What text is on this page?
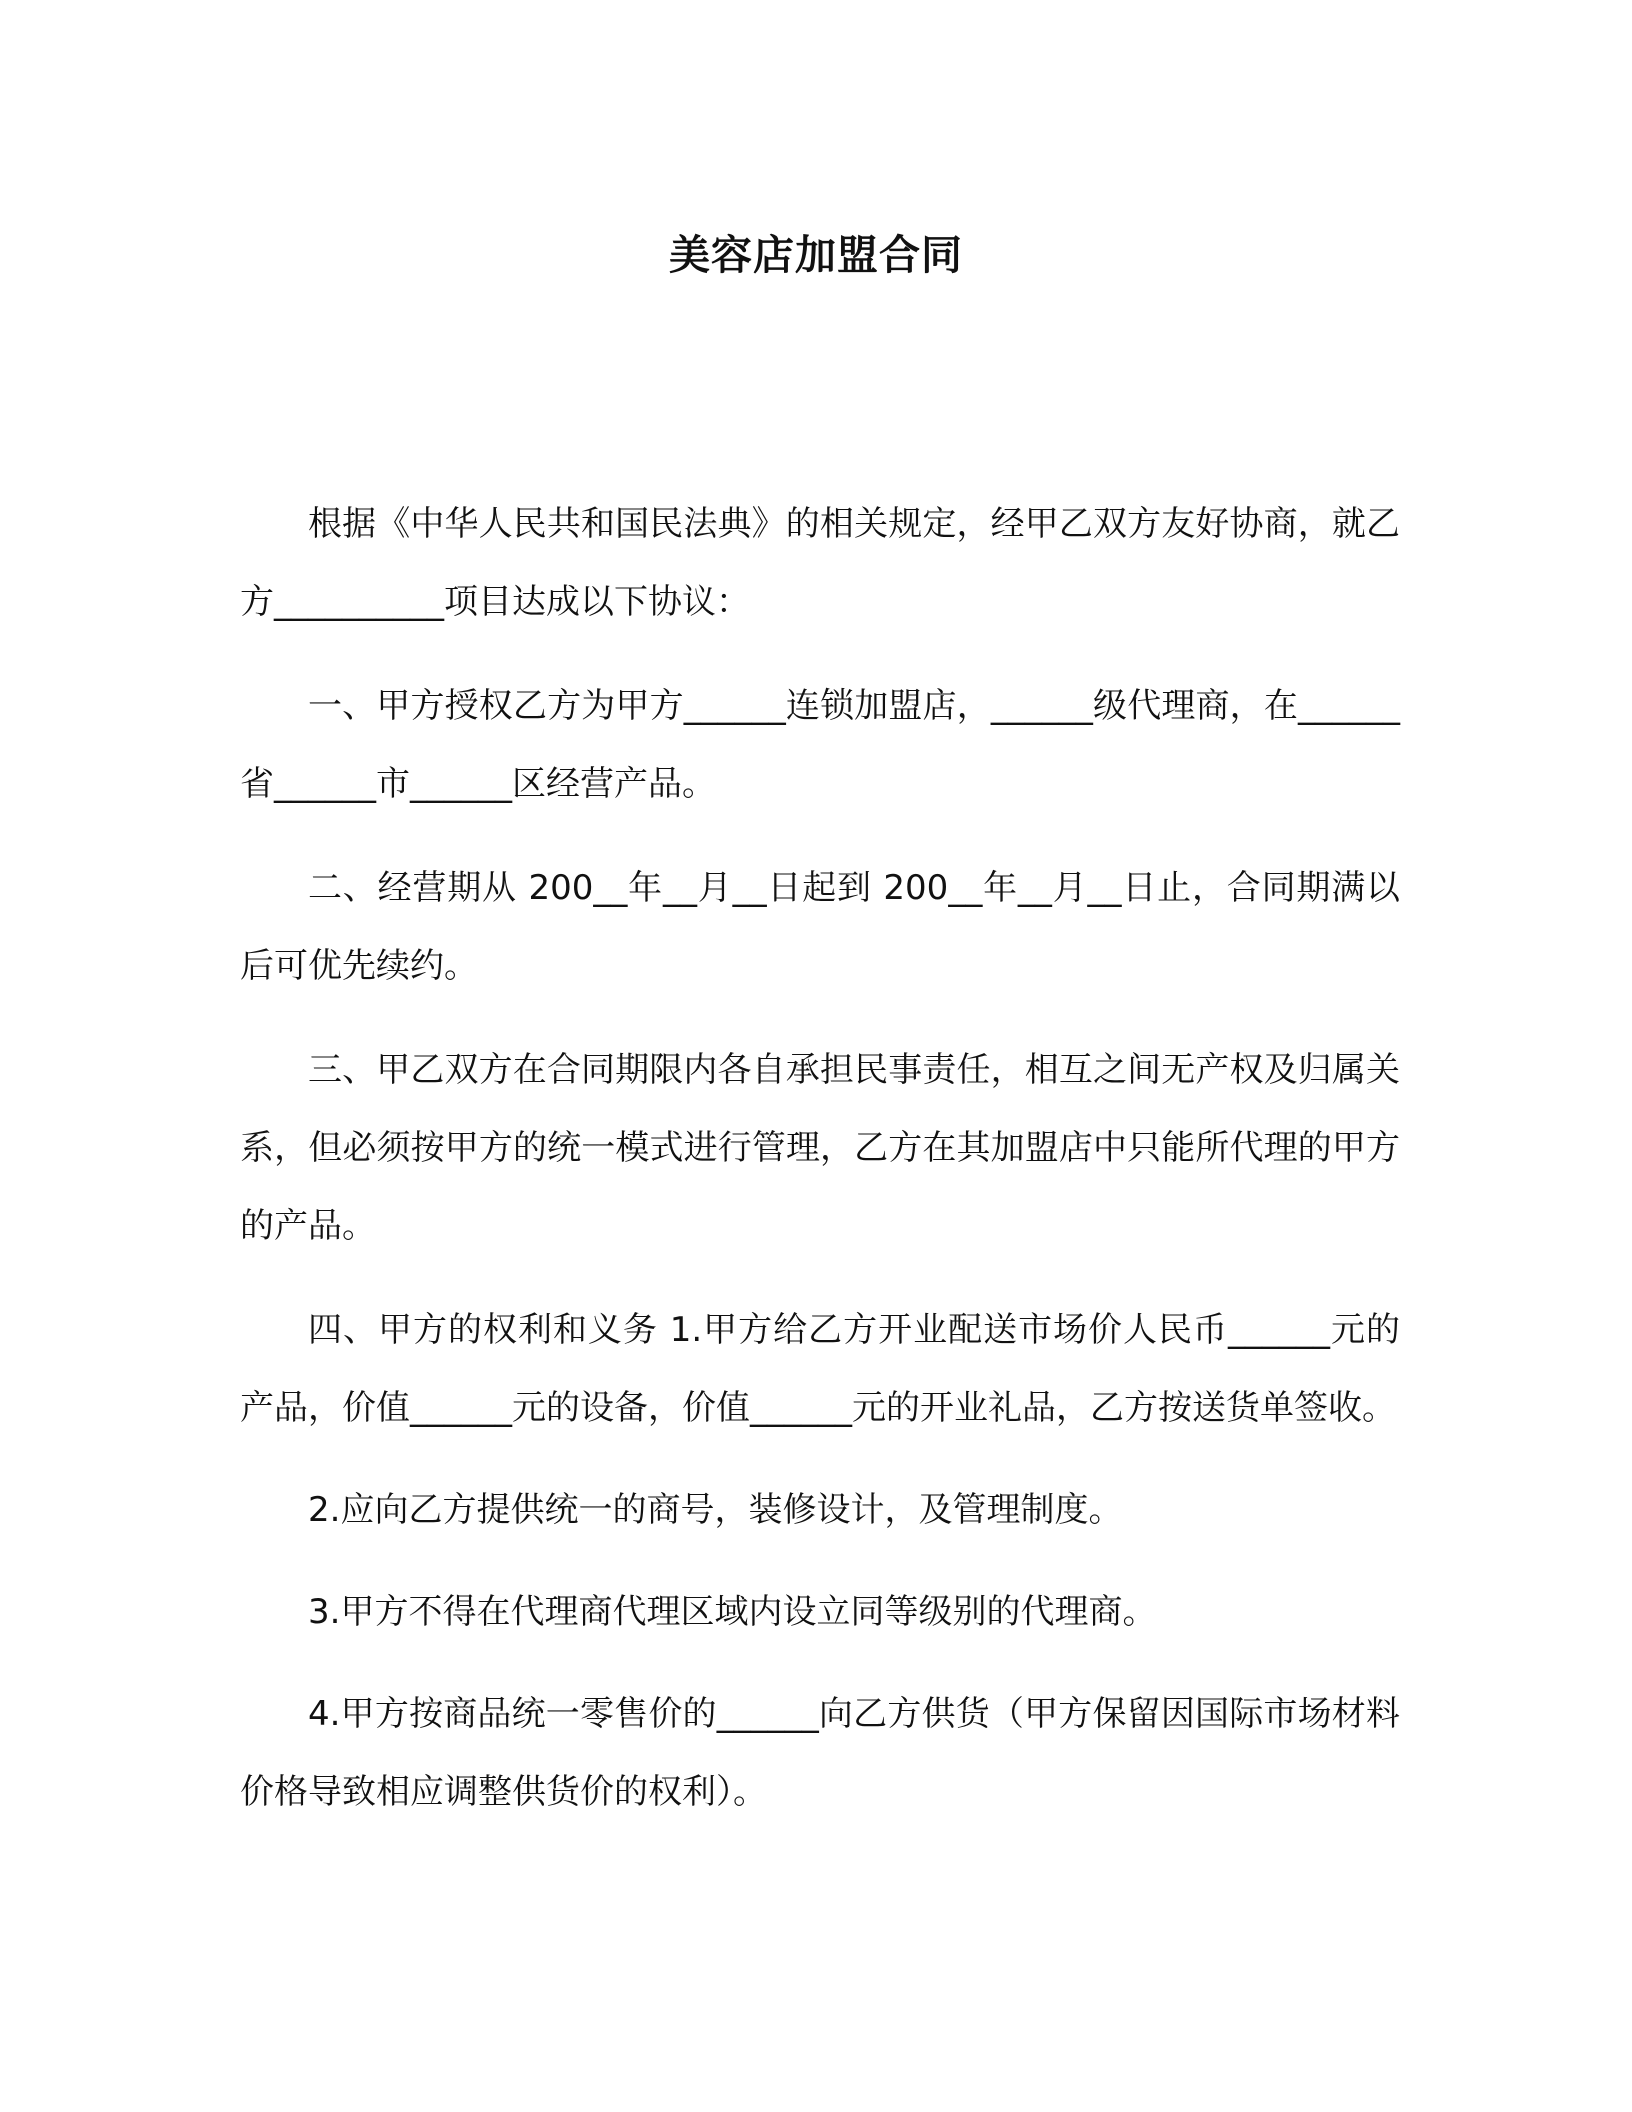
美容店加盟合同

根据《中华人民共和国民法典》的相关规定，经甲乙双方友好协商，就乙方__________项目达成以下协议：

一、甲方授权乙方为甲方______连锁加盟店，______级代理商，在______省______市______区经营产品。

二、经营期从 200__年__月__日起到 200__年__月__日止，合同期满以后可优先续约。

三、甲乙双方在合同期限内各自承担民事责任，相互之间无产权及归属关系，但必须按甲方的统一模式进行管理，乙方在其加盟店中只能所代理的甲方的产品。

四、甲方的权利和义务 1.甲方给乙方开业配送市场价人民币______元的产品，价值______元的设备，价值______元的开业礼品，乙方按送货单签收。

2.应向乙方提供统一的商号，装修设计，及管理制度。

3.甲方不得在代理商代理区域内设立同等级别的代理商。

4.甲方按商品统一零售价的______向乙方供货（甲方保留因国际市场材料价格导致相应调整供货价的权利）。
